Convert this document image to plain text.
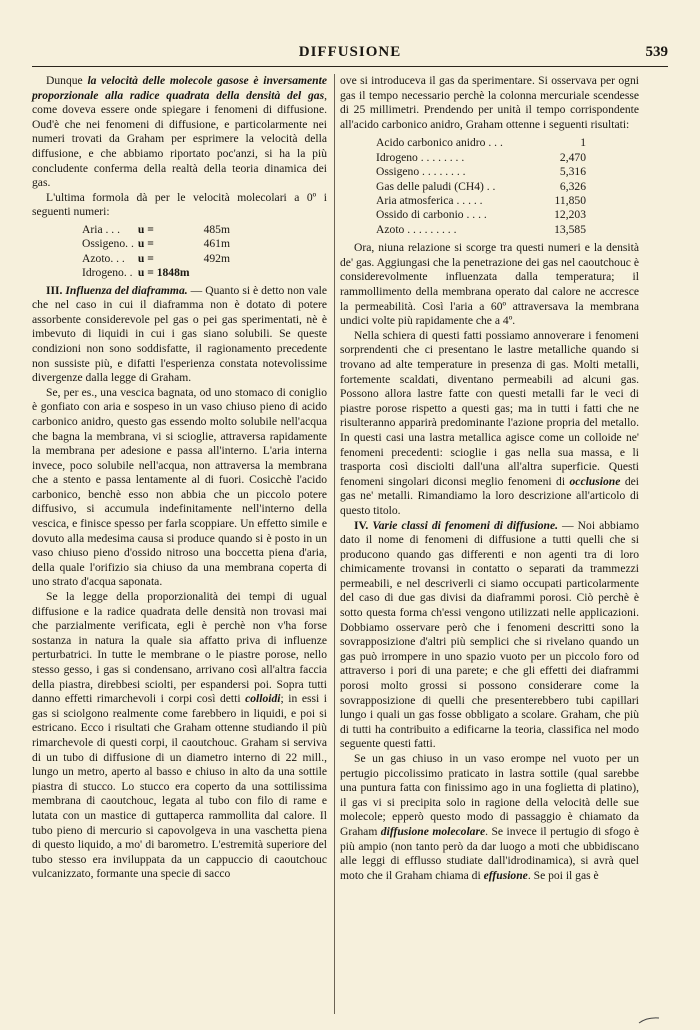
DIFFUSIONE	539

Dunque la velocità delle molecole gasose è inversamente proporzionale alla radice quadrata della densità del gas, come doveva essere onde spiegare i fenomeni di diffusione. Oud'è che nei fenomeni di diffusione, e particolarmente nei numeri trovati da Graham per esprimere la velocità della diffusione, e che abbiamo riportato poc'anzi, si ha la più concludente conferma della realtà della teoria dinamica dei gas.

L'ultima formola dà per le velocità molecolari a 0º i seguenti numeri:

Aria . . .	u =	485m
Ossigeno. .	u =	461m
Azoto. . .	u =	492m
Idrogeno. .	u = 1848m	

III. Influenza del diaframma. — Quanto si è detto non vale che nel caso in cui il diaframma non è dotato di potere assorbente considerevole pel gas o pei gas sperimentati, nè è imbevuto di liquidi in cui i gas siano solubili. Se queste condizioni non sono soddisfatte, il ragionamento precedente non sussiste più, e difatti l'esperienza constata notevolissime divergenze dalla legge di Graham.

Se, per es., una vescica bagnata, od uno stomaco di coniglio è gonfiato con aria e sospeso in un vaso chiuso pieno di acido carbonico anidro, questo gas essendo molto solubile nell'acqua che bagna la membrana, vi si scioglie, attraversa rapidamente la membrana per adesione e passa all'interno. L'aria interna invece, poco solubile nell'acqua, non attraversa la membrana che a stento e passa lentamente al di fuori. Cosicchè l'acido carbonico, benchè esso non abbia che un piccolo potere diffusivo, si accumula indefinitamente nell'interno della vescica, e finisce spesso per farla scoppiare. Un effetto simile e dovuto alla medesima causa si produce quando si è posto in un vaso chiuso pieno d'ossido nitroso una boccetta piena d'aria, della quale l'orifizio sia chiuso da una membrana coperta di uno strato d'acqua saponata.

Se la legge della proporzionalità dei tempi di ugual diffusione e la radice quadrata delle densità non trovasi mai che parzialmente verificata, egli è perchè non v'ha forse sostanza in natura la quale sia affatto priva di influenze perturbatrici. In tutte le membrane o le piastre porose, nello stesso gesso, i gas si condensano, arrivano così all'altra faccia della piastra, direbbesi sciolti, per espandersi poi. Sopra tutti danno effetti rimarchevoli i corpi così detti colloidi; in essi i gas si sciolgono realmente come farebbero in liquidi, e poi si estricano. Ecco i risultati che Graham ottenne studiando il più rimarchevole di questi corpi, il caoutchouc. Graham si serviva di un tubo di diffusione di un diametro interno di 22 mill., lungo un metro, aperto al basso e chiuso in alto da una sottile piastra di stucco. Lo stucco era coperto da una sottilissima membrana di caoutchouc, legata al tubo con filo di rame e lutata con un mastice di guttaperca rammollita dal calore. Il tubo pieno di mercurio si capovolgeva in una vaschetta piena di questo liquido, a mo' di barometro. L'estremità superiore del tubo stesso era inviluppata da un cappuccio di caoutchouc vulcanizzato, formante una specie di sacco

ove si introduceva il gas da sperimentare. Si osservava per ogni gas il tempo necessario perchè la colonna mercuriale scendesse di 25 millimetri. Prendendo per unità il tempo corrispondente all'acido carbonico anidro, Graham ottenne i seguenti risultati:

Acido carbonico anidro . . .	1
Idrogeno . . . . . . . .	2,470
Ossigeno . . . . . . . .	5,316
Gas delle paludi (CH4) . .	6,326
Aria atmosferica . . . . .	11,850
Ossido di carbonio . . . .	12,203
Azoto . . . . . . . . .	13,585

Ora, niuna relazione si scorge tra questi numeri e la densità de' gas. Aggiungasi che la penetrazione dei gas nel caoutchouc è considerevolmente influenzata dalla temperatura; il rammollimento della membrana operato dal calore ne accresce la permeabilità. Così l'aria a 60º attraversava la membrana undici volte più rapidamente che a 4º.

Nella schiera di questi fatti possiamo annoverare i fenomeni sorprendenti che ci presentano le lastre metalliche quando si trovano ad alte temperature in presenza di gas. Molti metalli, fortemente scaldati, diventano permeabili ad alcuni gas. Possono allora lastre fatte con questi metalli far le veci di piastre porose rispetto a questi gas; ma in tutti i fatti che ne risulteranno apparirà predominante l'azione propria del metallo. In questi casi una lastra metallica agisce come un colloide ne' fenomeni precedenti: scioglie i gas nella sua massa, e li trasporta così disciolti dall'una all'altra superficie. Questi fenomeni singolari diconsi meglio fenomeni di occlusione dei gas ne' metalli. Rimandiamo la loro descrizione all'articolo di questo titolo.

IV. Varie classi di fenomeni di diffusione. — Noi abbiamo dato il nome di fenomeni di diffusione a tutti quelli che si producono quando gas differenti e non agenti tra di loro chimicamente trovansi in contatto o separati da trammezzi permeabili, e nel descriverli ci siamo occupati particolarmente del caso di due gas divisi da diaframmi porosi. Ciò perchè è sotto questa forma ch'essi vengono utilizzati nelle applicazioni. Dobbiamo osservare però che i fenomeni descritti sono la sovrapposizione d'altri più semplici che si rivelano quando un gas può irrompere in uno spazio vuoto per un piccolo foro od attraverso i pori di una parete; e che gli effetti dei diaframmi porosi molto grossi si possono considerare come la sovrapposizione di quelli che presenterebbero tubi capillari lungo i quali un gas fosse obbligato a scolare. Graham, che più di tutti ha contribuito a edificarne la teoria, classifica nel modo seguente questi fatti.

Se un gas chiuso in un vaso erompe nel vuoto per un pertugio piccolissimo praticato in lastra sottile (qual sarebbe una puntura fatta con finissimo ago in una foglietta di platino), il gas vi si precipita solo in ragione della velocità delle sue molecole; epperò questo modo di passaggio è chiamato da Graham diffusione molecolare. Se invece il pertugio di sfogo è più ampio (non tanto però da dar luogo a moti che ubbidiscano alle leggi di efflusso studiate dall'idrodinamica), si avrà quel moto che il Graham chiama di effusione. Se poi il gas è
